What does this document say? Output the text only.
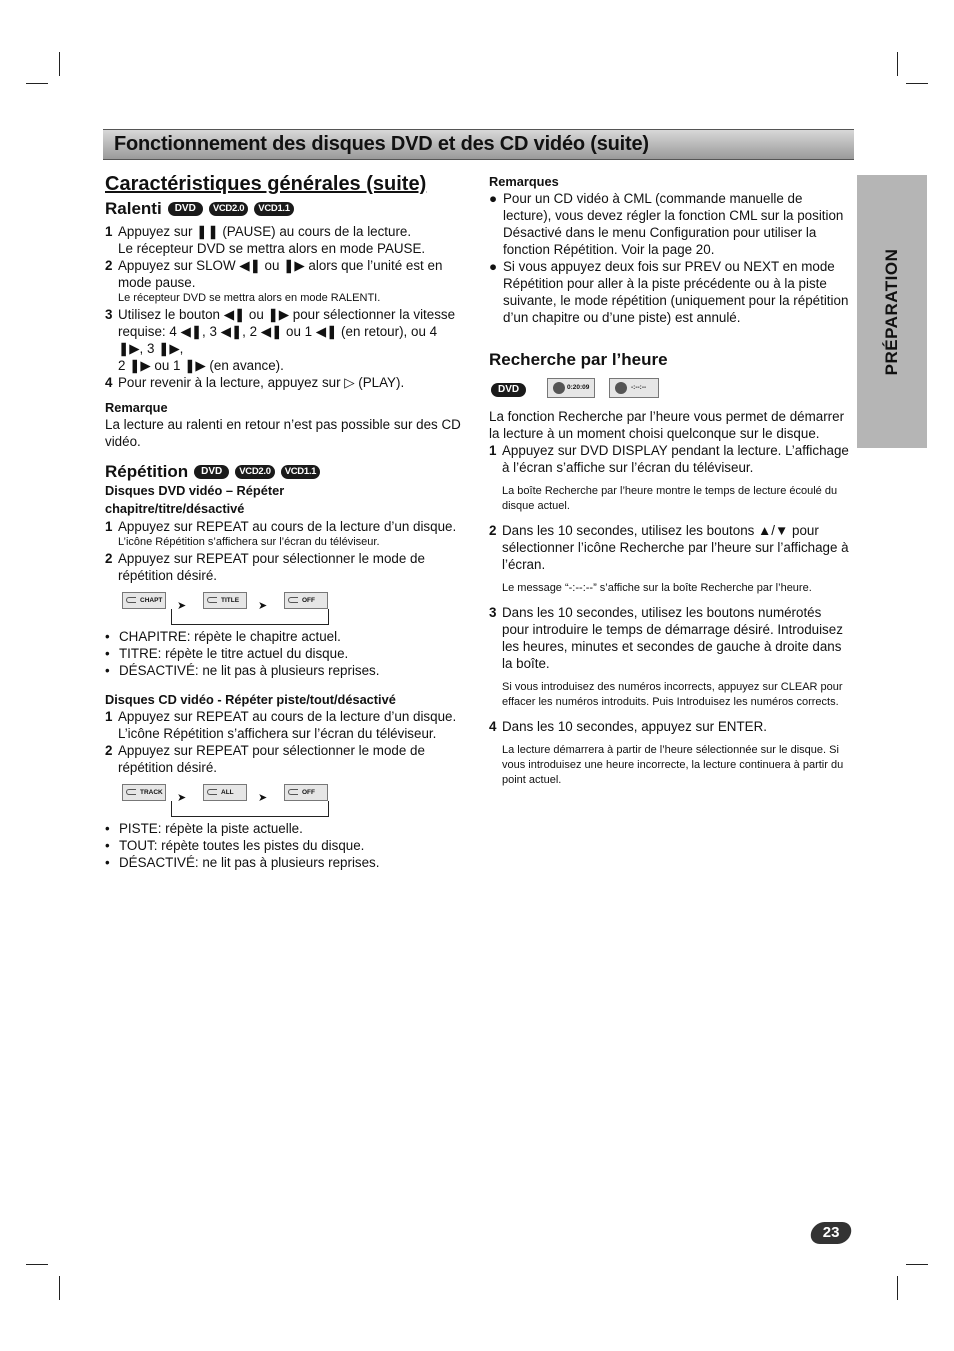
Fonctionnement des disques DVD et des CD vidéo (suite)
PRÉPARATION
Caractéristiques générales (suite)
Ralenti	DVD	VCD2.0	VCD1.1
1 Appuyez sur ❚❚ (PAUSE) au cours de la lecture.
Le récepteur DVD se mettra alors en mode PAUSE.
2 Appuyez sur SLOW ◀❚ ou ❚▶ alors que l’unité est en mode pause.
Le récepteur DVD se mettra alors en mode RALENTI.
3 Utilisez le bouton ◀❚ ou ❚▶ pour sélectionner la vitesse requise: 4 ◀❚, 3 ◀❚, 2 ◀❚ ou 1 ◀❚ (en retour), ou 4 ❚▶, 3 ❚▶,
2 ❚▶ ou 1 ❚▶ (en avance).
4 Pour revenir à la lecture, appuyez sur ▷ (PLAY).
Remarque
La lecture au ralenti en retour n’est pas possible sur des CD vidéo.
Répétition	DVD	VCD2.0	VCD1.1
Disques DVD vidéo – Répéter chapitre/titre/désactivé
1 Appuyez sur REPEAT au cours de la lecture d’un disque.
L’icône Répétition s’affichera sur l’écran du téléviseur.
2 Appuyez sur REPEAT pour sélectionner le mode de répétition désiré.
CHAPT	➤	TITLE	➤	OFF
• CHAPITRE: répète le chapitre actuel.
• TITRE: répète le titre actuel du disque.
• DÉSACTIVÉ: ne lit pas à plusieurs reprises.
Disques CD vidéo - Répéter piste/tout/désactivé
1 Appuyez sur REPEAT au cours de la lecture d’un disque.
L’icône Répétition s’affichera sur l’écran du téléviseur.
2 Appuyez sur REPEAT pour sélectionner le mode de répétition désiré.
TRACK ➤	ALL	➤	OFF
• PISTE: répète la piste actuelle.
• TOUT: répète toutes les pistes du disque.
• DÉSACTIVÉ: ne lit pas à plusieurs reprises.
Remarques
● Pour un CD vidéo à CML (commande manuelle de lecture), vous devez régler la fonction CML sur la position Désactivé dans le menu Configuration pour utiliser la fonction Répétition. Voir la page 20.
● Si vous appuyez deux fois sur PREV ou NEXT en mode Répétition pour aller à la piste précédente ou à la piste suivante, le mode répétition (uniquement pour la répétition d’un chapitre ou d’une piste) est annulé.
Recherche par l’heure
DVD	0:20:09	-:--:--
La fonction Recherche par l’heure vous permet de démarrer la lecture à un moment choisi quelconque sur le disque.
1 Appuyez sur DVD DISPLAY pendant la lecture. L’affichage à l’écran s’affiche sur l’écran du téléviseur.
La boîte Recherche par l’heure montre le temps de lecture écoulé du disque actuel.
2 Dans les 10 secondes, utilisez les boutons ▲/▼ pour sélectionner l’icône Recherche par l’heure sur l’affichage à l’écran.
Le message “-:--:--” s’affiche sur la boîte Recherche par l’heure.
3 Dans les 10 secondes, utilisez les boutons numérotés pour introduire le temps de démarrage désiré. Introduisez les heures, minutes et secondes de gauche à droite dans la boîte.
Si vous introduisez des numéros incorrects, appuyez sur CLEAR pour effacer les numéros introduits. Puis Introduisez les numéros corrects.
4 Dans les 10 secondes, appuyez sur ENTER.
La lecture démarrera à partir de l’heure sélectionnée sur le disque. Si vous introduisez une heure incorrecte, la lecture continuera à partir du point actuel.
23
